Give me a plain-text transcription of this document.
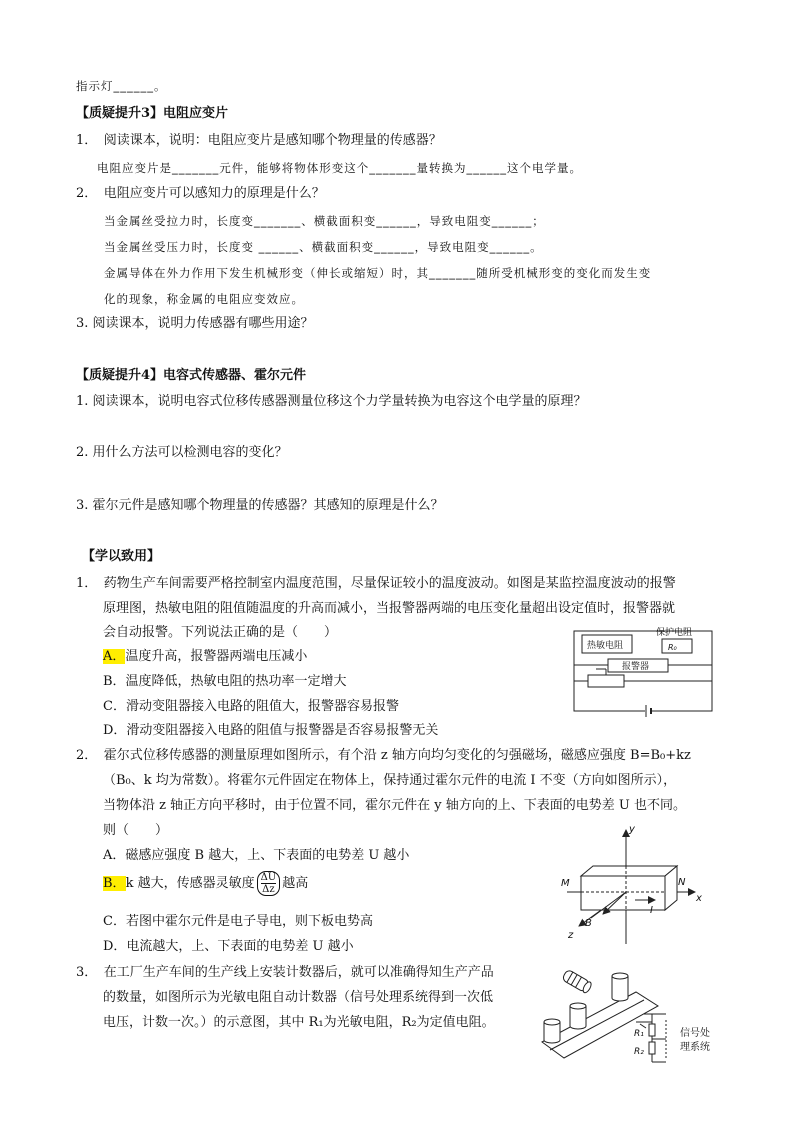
指示灯______。
【质疑提升3】电阻应变片
1．　阅读课本，说明：电阻应变片是感知哪个物理量的传感器？
电阻应变片是_______元件，能够将物体形变这个_______量转换为______这个电学量。
2．　电阻应变片可以感知力的原理是什么？
当金属丝受拉力时，长度变_______、横截面积变______，导致电阻变______；
当金属丝受压力时，长度变 ______、横截面积变______，导致电阻变______。
金属导体在外力作用下发生机械形变（伸长或缩短）时，其_______随所受机械形变的变化而发生变
化的现象，称金属的电阻应变效应。
3. 阅读课本，说明力传感器有哪些用途？
【质疑提升4】电容式传感器、霍尔元件
1. 阅读课本，说明电容式位移传感器测量位移这个力学量转换为电容这个电学量的原理？
2. 用什么方法可以检测电容的变化？
3. 霍尔元件是感知哪个物理量的传感器？其感知的原理是什么？
【学以致用】
1．　药物生产车间需要严格控制室内温度范围，尽量保证较小的温度波动。如图是某监控温度波动的报警
原理图，热敏电阻的阻值随温度的升高而减小，当报警器两端的电压变化量超出设定值时，报警器就
会自动报警。下列说法正确的是（　　）
A．温度升高，报警器两端电压减小
B．温度降低，热敏电阻的热功率一定增大
C．滑动变阻器接入电路的阻值大，报警器容易报警
D．滑动变阻器接入电路的阻值与报警器是否容易报警无关
热敏电阻
保护电阻
R₀
报警器
2．　霍尔式位移传感器的测量原理如图所示，有个沿 z 轴方向均匀变化的匀强磁场，磁感应强度 B=B₀+kz
（B₀、k 均为常数）。将霍尔元件固定在物体上，保持通过霍尔元件的电流 I 不变（方向如图所示），
当物体沿 z 轴正方向平移时，由于位置不同，霍尔元件在 y 轴方向的上、下表面的电势差 U 也不同。
则（　　）
A．磁感应强度 B 越大，上、下表面的电势差 U 越小
B．k 越大，传感器灵敏度 $\frac{\Delta U}{\Delta z}$ 越高
C．若图中霍尔元件是电子导电，则下板电势高
D．电流越大，上、下表面的电势差 U 越小
y
x
z
M	N
B
I
3．　在工厂生产车间的生产线上安装计数器后，就可以准确得知生产产品
的数量，如图所示为光敏电阻自动计数器（信号处理系统得到一次低
电压，计数一次。）的示意图，其中 R₁为光敏电阻，R₂为定值电阻。
R₁
R₂
信号处
理系统
